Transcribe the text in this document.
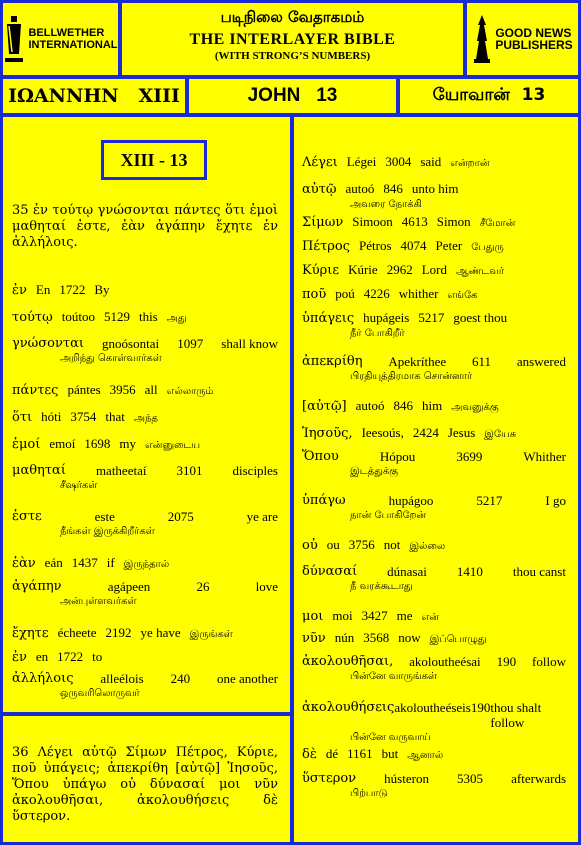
BELLWETHER
INTERNATIONAL
படிநிலை வேதாகமம்
THE INTERLAYER BIBLE
(WITH STRONG’S NUMBERS)
GOOD NEWS
PUBLISHERS
ΙΩΑΝΝΗΝ   XIII	JOHN   13	யோவான்  13
XIII - 13
35 ἐν τούτῳ γνώσονται πάντες ὅτι ἐμοὶ μαθηταί ἐστε, ἐὰν ἀγάπην ἔχητε ἐν ἀλλήλοις.
ἐν En 1722 By
τούτῳ toútoo 5129 this அது
γνώσονται gnoósontai 1097 shall know
அறிந்து கொள்வார்கள்
πάντες pántes 3956 all எல்லாரும்
ὅτι hóti 3754 that அந்த
ἐμοί emoí 1698 my என்னுடைய
μαθηταί matheetaí 3101 disciples
சீஷர்கள்
ἐστε	este	2075	ye are
நீங்கள் இருக்கிறீர்கள்
ἐὰν eán 1437 if இருந்தால்
ἀγάπην	agápeen	26	love
அன்புள்ளவர்கள்
ἔχητε écheete 2192 ye have இருங்கள்
ἐν en 1722 to
ἀλλήλοις alleélois 240 one another
ஒருவரிலொருவர்
36 Λέγει αὐτῷ Σίμων Πέτρος, Κύριε, ποῦ ὑπάγεις; ἀπεκρίθη [αὐτῷ] Ἰησοῦς, Ὅπου ὑπάγω οὐ δύνασαί μοι νῦν ἀκολουθῆσαι, ἀκολουθήσεις δὲ ὕστερον.
Λέγει Légei 3004 said என்றான்
αὐτῷ autoó 846 unto him
அவரை நோக்கி
Σίμων Simoon 4613 Simon சீமோன்
Πέτρος Pétros 4074 Peter பேதுரு
Κύριε Kúrie 2962 Lord ஆண்டவர்
ποῦ poú 4226 whither எங்கே
ὑπάγεις hupágeis 5217 goest thou
நீர் போகிறீர்
ἀπεκρίθη Apekríthee 611 answered
பிரதியுத்திரமாக சொன்னார்
[αὐτῷ] autoó 846 him அவனுக்கு
Ἰησοῦς, Ieesoús, 2424 Jesus இயேசு
Ὅπου	Hópou	3699	Whither
இடத்துக்கு
ὑπάγω	hupágoo	5217	I go
நான் போகிறேன்
οὐ ou 3756 not இல்லை
δύνασαί dúnasai 1410 thou canst
நீ வரக்கூடாது
μοι moi 3427 me என்
νῦν nún 3568 now இப்பொழுது
ἀκολουθῆσαι, akoloutheésai 190 follow
பின்னே வாருங்கள்
ἀκολουθήσεις akoloutheéseis 190 thou shalt follow
பின்னே வருவாய்
δὲ dé 1161 but ஆனால்
ὕστερον hústeron 5305 afterwards
பிற்பாடு
